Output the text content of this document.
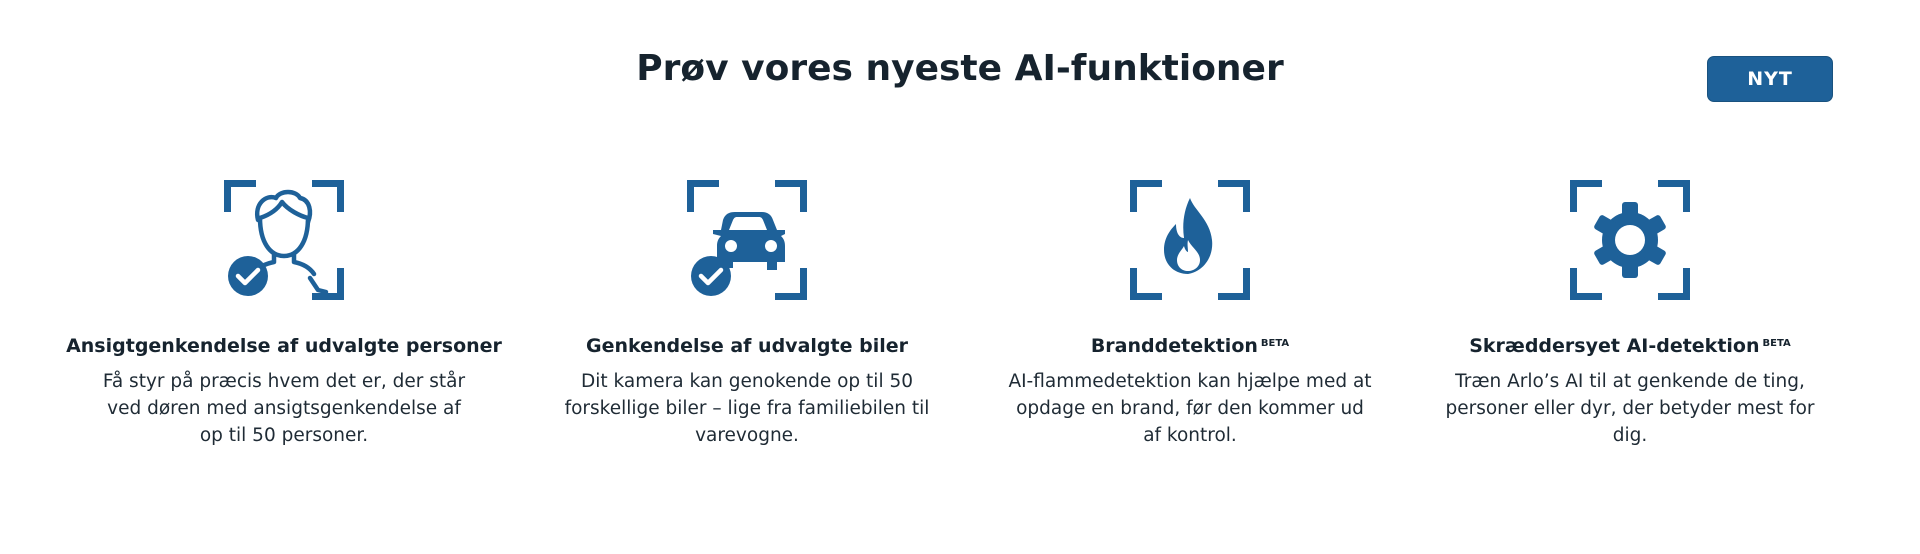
Prøv vores nyeste AI-funktioner	NYT
Ansigtgenkendelse af udvalgte personer
Få styr på præcis hvem det er, der står ved døren med ansigtsgenkendelse af op til 50 personer.
Genkendelse af udvalgte biler
Dit kamera kan genokende op til 50 forskellige biler – lige fra familiebilen til varevogne.
Branddetektion $^{BETA}$
AI-flammedetektion kan hjælpe med at opdage en brand, før den kommer ud af kontrol.
Skræddersyet AI-detektion $^{BETA}$
Træn Arlo’s AI til at genkende de ting, personer eller dyr, der betyder mest for dig.
